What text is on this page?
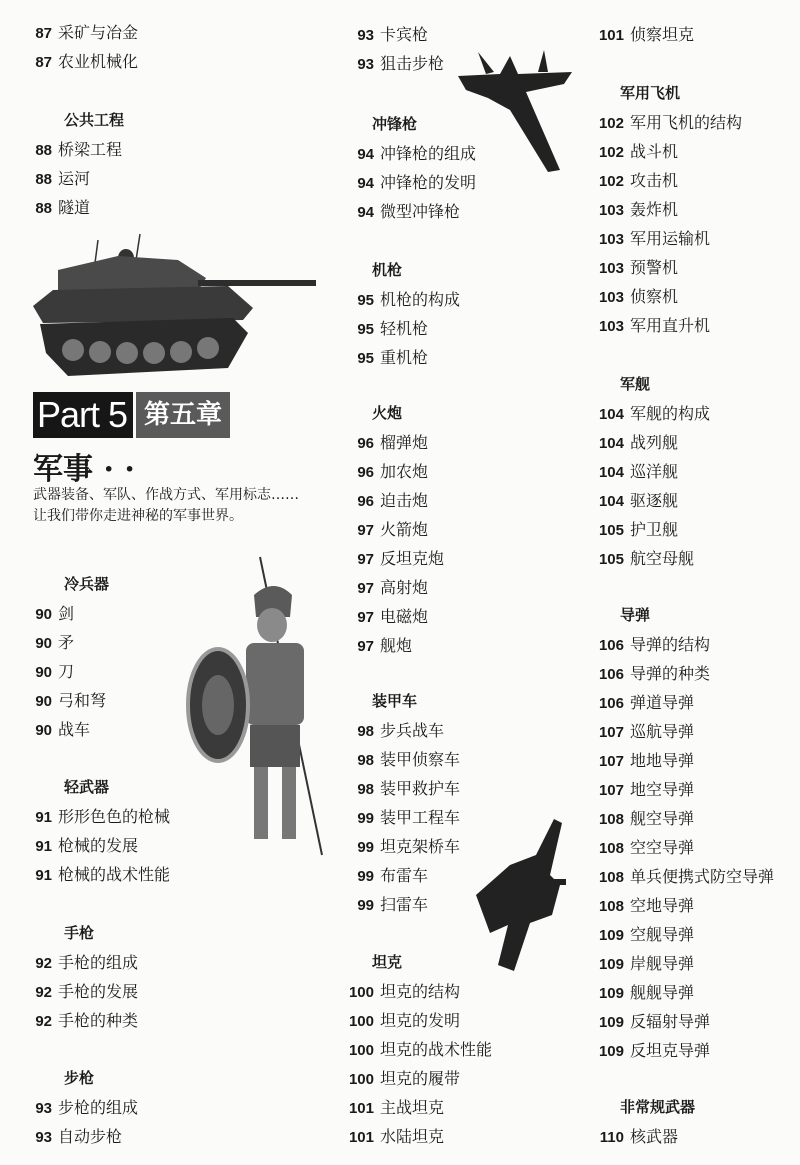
87 采矿与冶金
87 农业机械化
公共工程
88 桥梁工程
88 运河
88 隧道
冷兵器
90 剑
90 矛
90 刀
90 弓和弩
90 战车
轻武器
91 形形色色的枪械
91 枪械的发展
91 枪械的战术性能
手枪
92 手枪的组成
92 手枪的发展
92 手枪的种类
步枪
93 步枪的组成
93 自动步枪
Part 5 第五章
军事 · ·
武器装备、军队、作战方式、军用标志……让我们带你走进神秘的军事世界。
93 卡宾枪
93 狙击步枪
冲锋枪
94 冲锋枪的组成
94 冲锋枪的发明
94 微型冲锋枪
机枪
95 机枪的构成
95 轻机枪
95 重机枪
火炮
96 榴弹炮
96 加农炮
96 迫击炮
97 火箭炮
97 反坦克炮
97 高射炮
97 电磁炮
97 舰炮
装甲车
98 步兵战车
98 装甲侦察车
98 装甲救护车
99 装甲工程车
99 坦克架桥车
99 布雷车
99 扫雷车
坦克
100 坦克的结构
100 坦克的发明
100 坦克的战术性能
100 坦克的履带
101 主战坦克
101 水陆坦克
101 侦察坦克
军用飞机
102 军用飞机的结构
102 战斗机
102 攻击机
103 轰炸机
103 军用运输机
103 预警机
103 侦察机
103 军用直升机
军舰
104 军舰的构成
104 战列舰
104 巡洋舰
104 驱逐舰
105 护卫舰
105 航空母舰
导弹
106 导弹的结构
106 导弹的种类
106 弹道导弹
107 巡航导弹
107 地地导弹
107 地空导弹
108 舰空导弹
108 空空导弹
108 单兵便携式防空导弹
108 空地导弹
109 空舰导弹
109 岸舰导弹
109 舰舰导弹
109 反辐射导弹
109 反坦克导弹
非常规武器
110 核武器
